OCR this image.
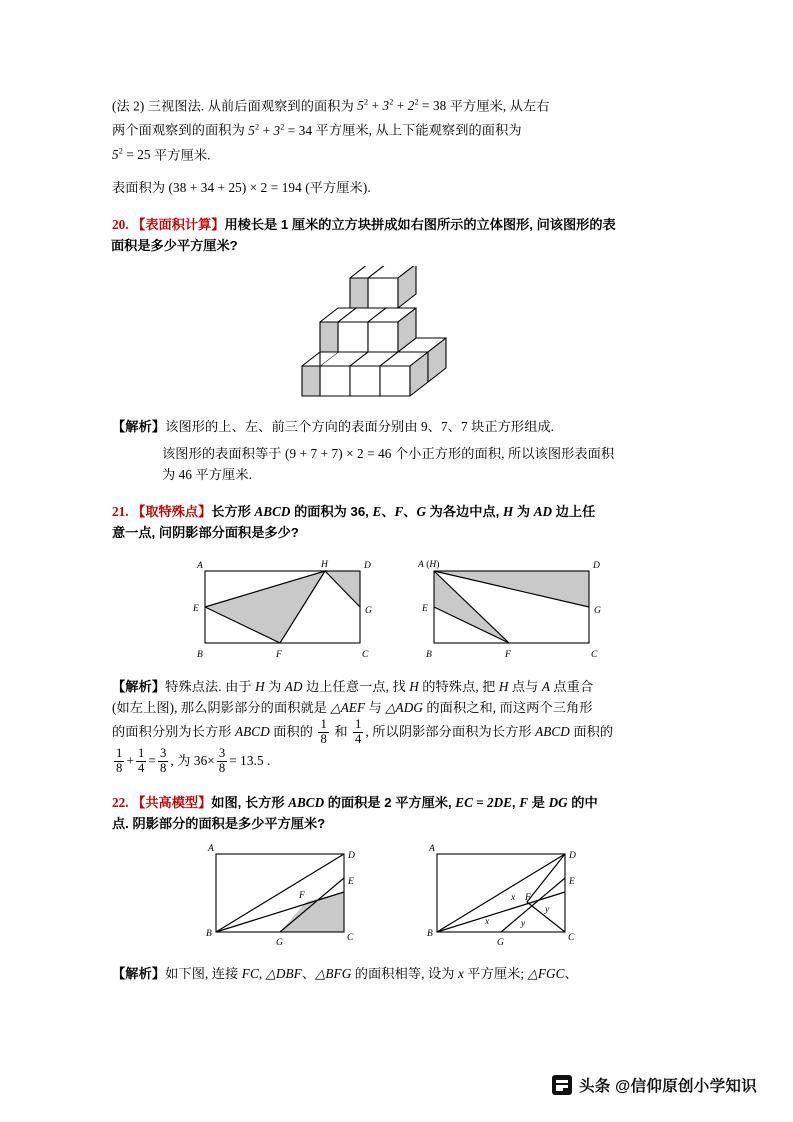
(法 2) 三视图法. 从前后面观察到的面积为 $5^2 + 3^2 + 2^2 = 38$ 平方厘米, 从左右
两个面观察到的面积为 $5^2 + 3^2 = 34$ 平方厘米, 从上下能观察到的面积为
$5^2 = 25$ 平方厘米.
表面积为 (38 + 34 + 25) × 2 = 194 (平方厘米).
20. 【表面积计算】用棱长是 1 厘米的立方块拼成如右图所示的立体图形, 问该图形的表
面积是多少平方厘米?
【解析】该图形的上、左、前三个方向的表面分别由 9、7、7 块正方形组成.
该图形的表面积等于 (9 + 7 + 7) × 2 = 46 个小正方形的面积, 所以该图形表面积
为 46 平方厘米.
21. 【取特殊点】长方形 ABCD 的面积为 36, E、F、G 为各边中点, H 为 AD 边上任
意一点, 问阴影部分面积是多少?
A
B	C
D
E
F
G
H
	A (H)
B	C
D
E
F
G
【解析】特殊点法. 由于 H 为 AD 边上任意一点, 找 H 的特殊点, 把 H 点与 A 点重合
(如左上图), 那么阴影部分的面积就是 △AEF 与 △ADG 的面积之和, 而这两个三角形
的面积分别为长方形 ABCD 面积的 $\frac{1}{8}$ 和 $\frac{1}{4}$ , 所以阴影部分面积为长方形 ABCD 面积的
$\frac{1}{8} + \frac{1}{4} = \frac{3}{8}$ , 为 $36\times \frac{3}{8} = 13.5$ .
22. 【共高模型】如图, 长方形 ABCD 的面积是 2 平方厘米, EC = 2DE, F 是 DG 的中
点. 阴影部分的面积是多少平方厘米?
A
B	C
D
E
F
G

A
B	C
D
E
F
G
x
x
y
y
【解析】如下图, 连接 FC, △DBF、△BFG 的面积相等, 设为 x 平方厘米; △FGC、
头条 @信仰原创小学知识
